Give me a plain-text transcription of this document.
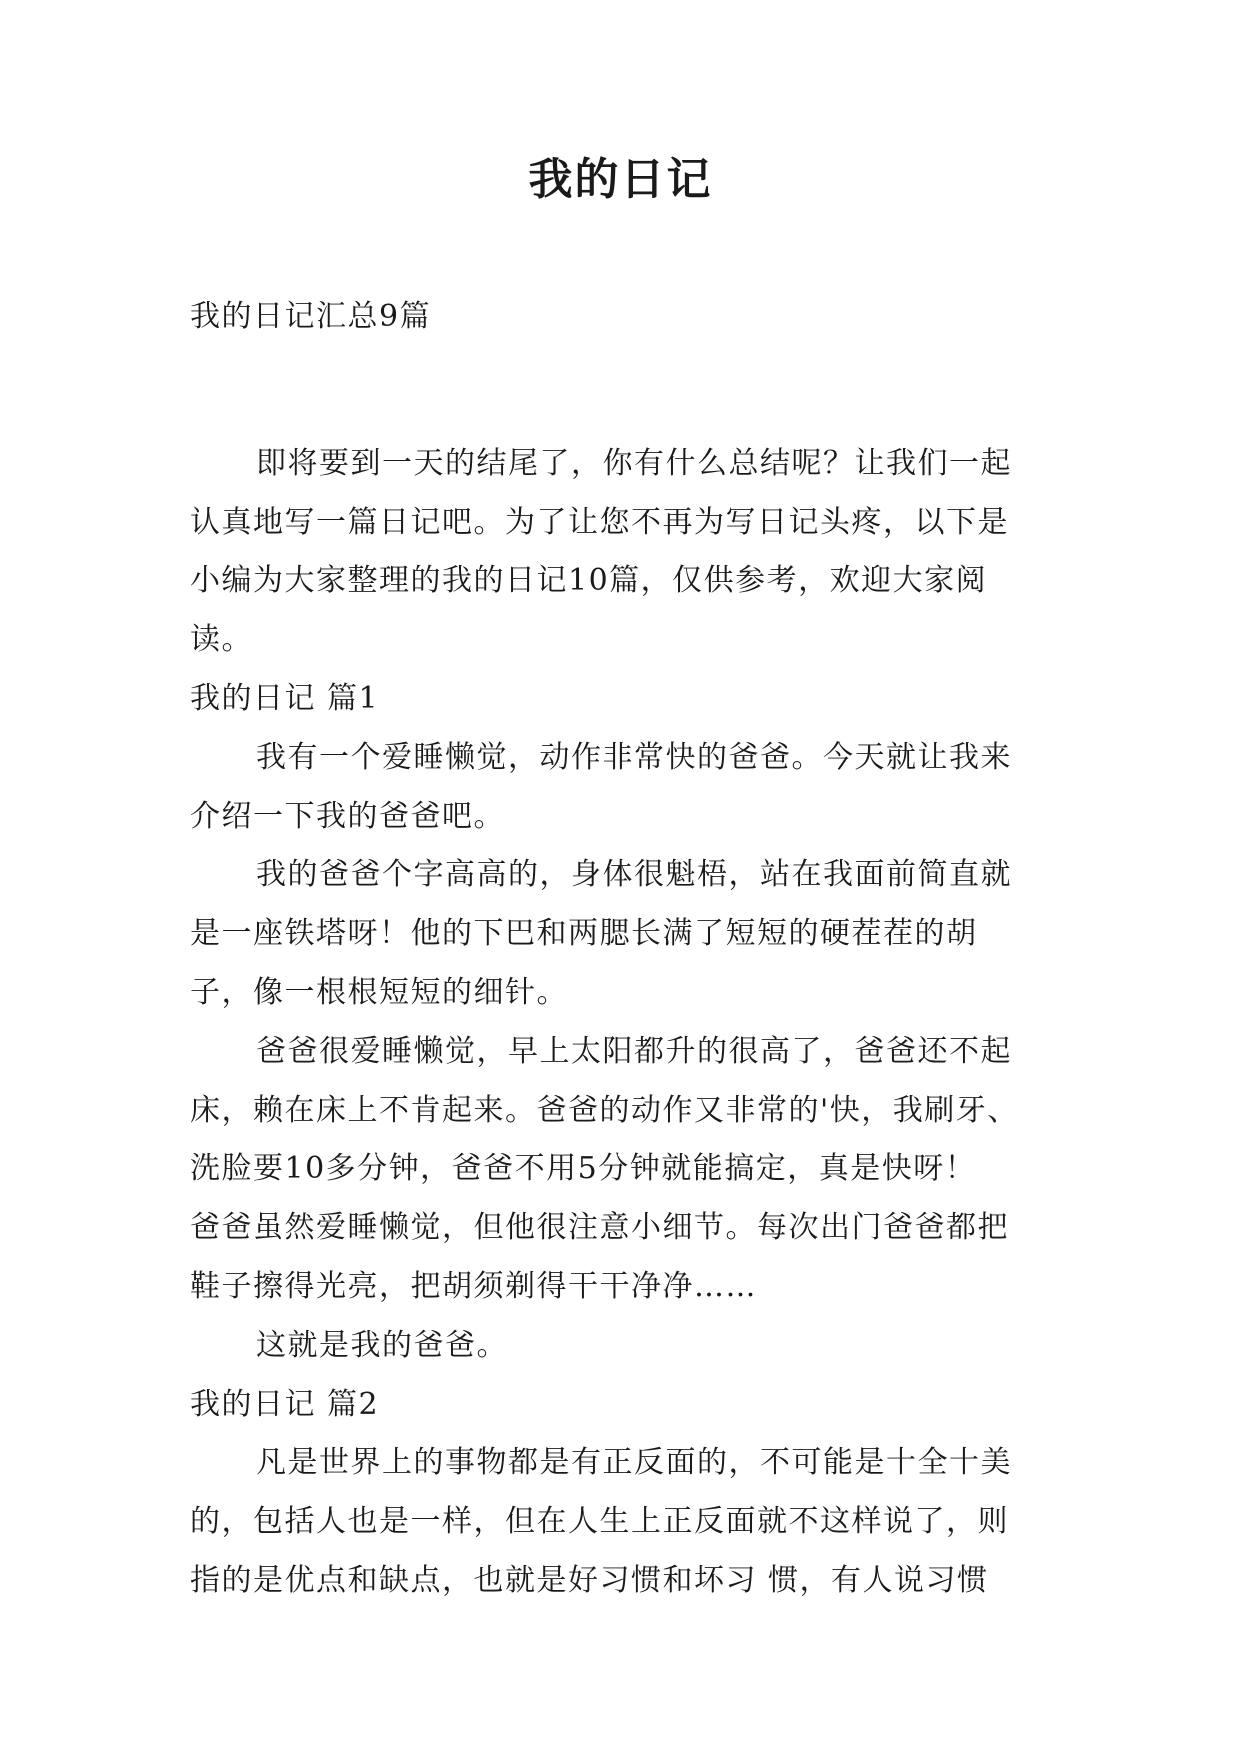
我的日记
我的日记汇总9篇
即将要到一天的结尾了，你有什么总结呢？让我们一起
认真地写一篇日记吧。为了让您不再为写日记头疼，以下是
小编为大家整理的我的日记10篇，仅供参考，欢迎大家阅
读。
我的日记 篇1
我有一个爱睡懒觉，动作非常快的爸爸。今天就让我来
介绍一下我的爸爸吧。
我的爸爸个字高高的，身体很魁梧，站在我面前简直就
是一座铁塔呀！他的下巴和两腮长满了短短的硬茬茬的胡
子，像一根根短短的细针。
爸爸很爱睡懒觉，早上太阳都升的很高了，爸爸还不起
床，赖在床上不肯起来。爸爸的动作又非常的'快，我刷牙、
洗脸要10多分钟，爸爸不用5分钟就能搞定，真是快呀！
爸爸虽然爱睡懒觉，但他很注意小细节。每次出门爸爸都把
鞋子擦得光亮，把胡须剃得干干净净……
这就是我的爸爸。
我的日记 篇2
凡是世界上的事物都是有正反面的，不可能是十全十美
的，包括人也是一样，但在人生上正反面就不这样说了，则
指的是优点和缺点，也就是好习惯和坏习 惯，有人说习惯
